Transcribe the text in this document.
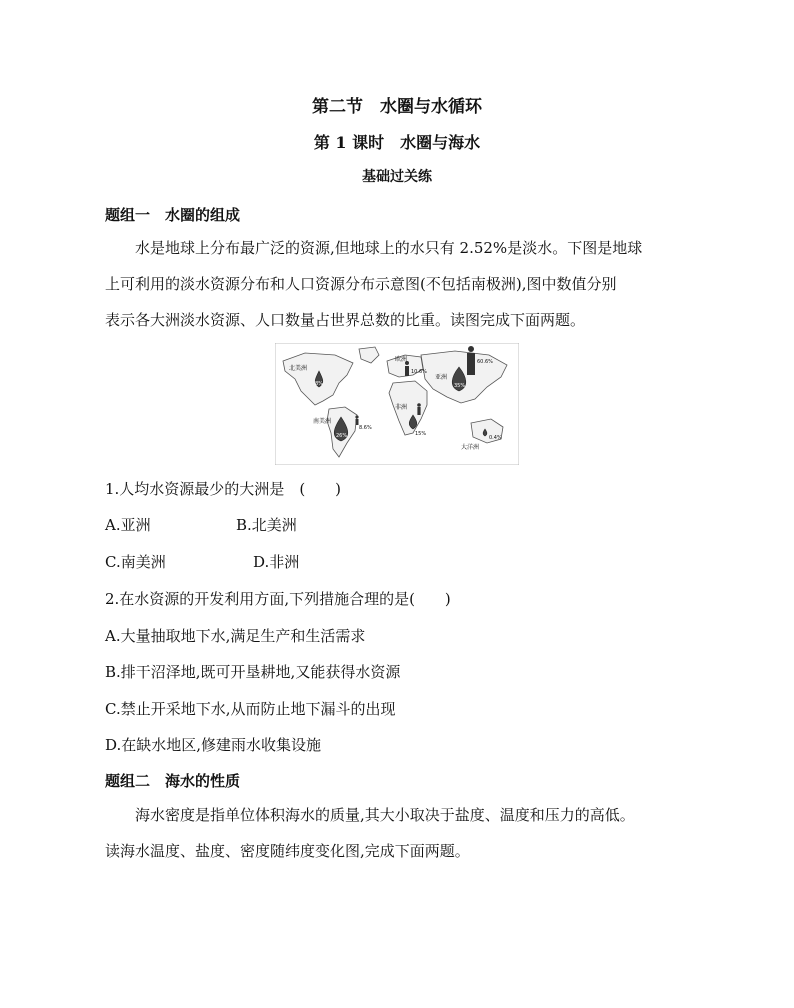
第二节　水圈与水循环
第 1 课时　水圈与海水
基础过关练
题组一　水圈的组成
水是地球上分布最广泛的资源,但地球上的水只有 2.52%是淡水。下图是地球
上可利用的淡水资源分布和人口资源分布示意图(不包括南极洲),图中数值分别
表示各大洲淡水资源、人口数量占世界总数的比重。读图完成下面两题。
北美洲
南美洲
欧洲
亚洲
非洲
大洋洲
8%
26%
8.6%
10.6%
35%
60.6%
15%
0.4%
1.人均水资源最少的大洲是　(　　)
A.亚洲	B.北美洲
C.南美洲	D.非洲
2.在水资源的开发利用方面,下列措施合理的是(　　)
A.大量抽取地下水,满足生产和生活需求
B.排干沼泽地,既可开垦耕地,又能获得水资源
C.禁止开采地下水,从而防止地下漏斗的出现
D.在缺水地区,修建雨水收集设施
题组二　海水的性质
海水密度是指单位体积海水的质量,其大小取决于盐度、温度和压力的高低。
读海水温度、盐度、密度随纬度变化图,完成下面两题。
